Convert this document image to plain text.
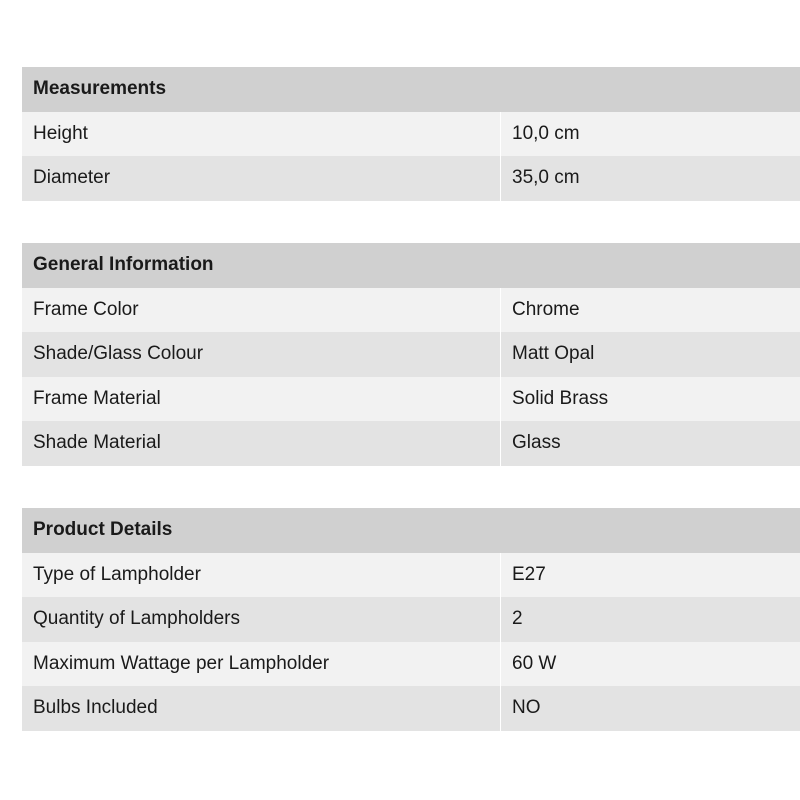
Measurements
Height	10,0 cm
Diameter	35,0 cm
General Information
Frame Color	Chrome
Shade/Glass Colour	Matt Opal
Frame Material	Solid Brass
Shade Material	Glass
Product Details
Type of Lampholder	E27
Quantity of Lampholders	2
Maximum Wattage per Lampholder	60 W
Bulbs Included	NO
